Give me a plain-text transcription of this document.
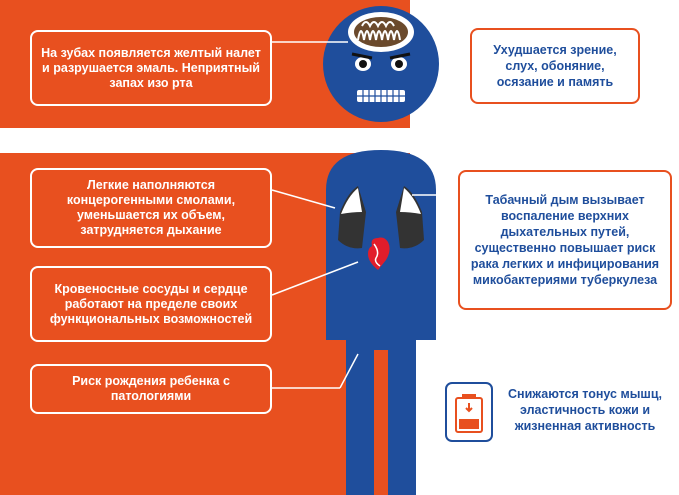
На зубах появляется желтый налет и разрушается эмаль. Неприятный запах изо рта
Ухудшается зрение, слух, обоняние, осязание и память
Легкие наполняются концерогенными смолами, уменьшается их объем, затрудняется дыхание
Кровеносные сосуды и сердце работают на пределе своих функциональных возможностей
Риск рождения ребенка с патологиями
Табачный дым вызывает воспаление верхних дыхательных путей, существенно повышает риск рака легких и инфицирования микобактериями туберкулеза
Снижаются тонус мышц, эластичность кожи и жизненная активность
